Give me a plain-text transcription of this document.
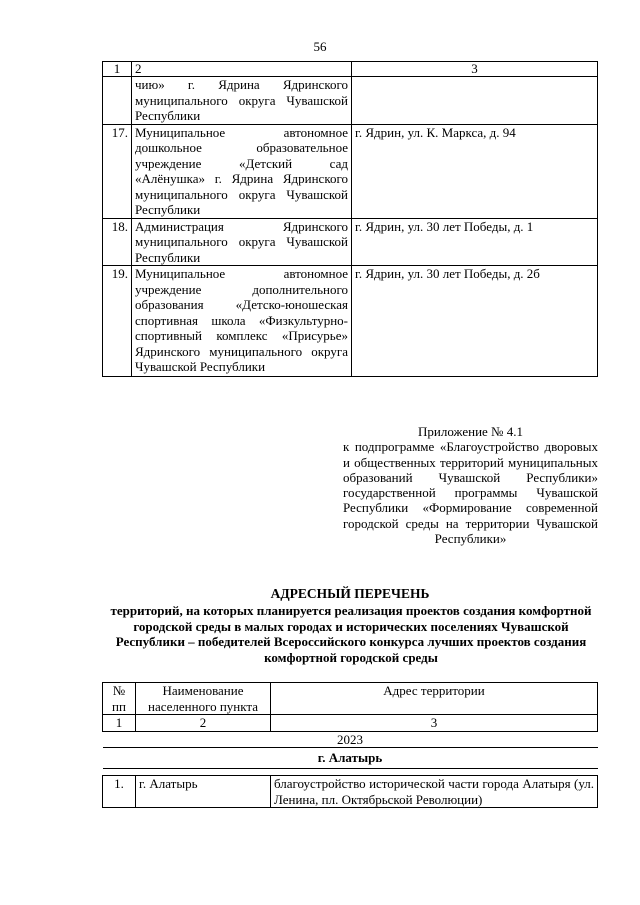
56
1	2	3
	чию» г. Ядрина Ядринского муниципального округа Чувашской Республики	
17.	Муниципальное автономное дошкольное образовательное учреждение «Детский сад «Алёнушка» г. Ядрина Ядринского муниципального округа Чувашской Республики	г. Ядрин, ул. К. Маркса, д. 94
18.	Администрация Ядринского муниципального округа Чувашской Республики	г. Ядрин, ул. 30 лет Победы, д. 1
19.	Муниципальное автономное учреждение дополнительного образования «Детско-юношеская спортивная школа «Физкультурно-спортивный комплекс «Присурье» Ядринского муниципального округа Чувашской Республики	г. Ядрин, ул. 30 лет Победы, д. 2б
Приложение № 4.1
к подпрограмме «Благоустройство дворовых и общественных территорий муниципальных образований Чувашской Республики» государственной программы Чувашской Республики «Формирование современной городской среды на территории Чувашской Республики»
АДРЕСНЫЙ ПЕРЕЧЕНЬ
территорий, на которых планируется реализация проектов создания комфортной городской среды в малых городах и исторических поселениях Чувашской Республики – победителей Всероссийского конкурса лучших проектов создания комфортной городской среды
№ пп	Наименование населенного пункта	Адрес территории
1	2	3
2023		
г. Алатырь		

1.	г. Алатырь	благоустройство исторической части города Алатыря (ул. Ленина, пл. Октябрьской Революции)
